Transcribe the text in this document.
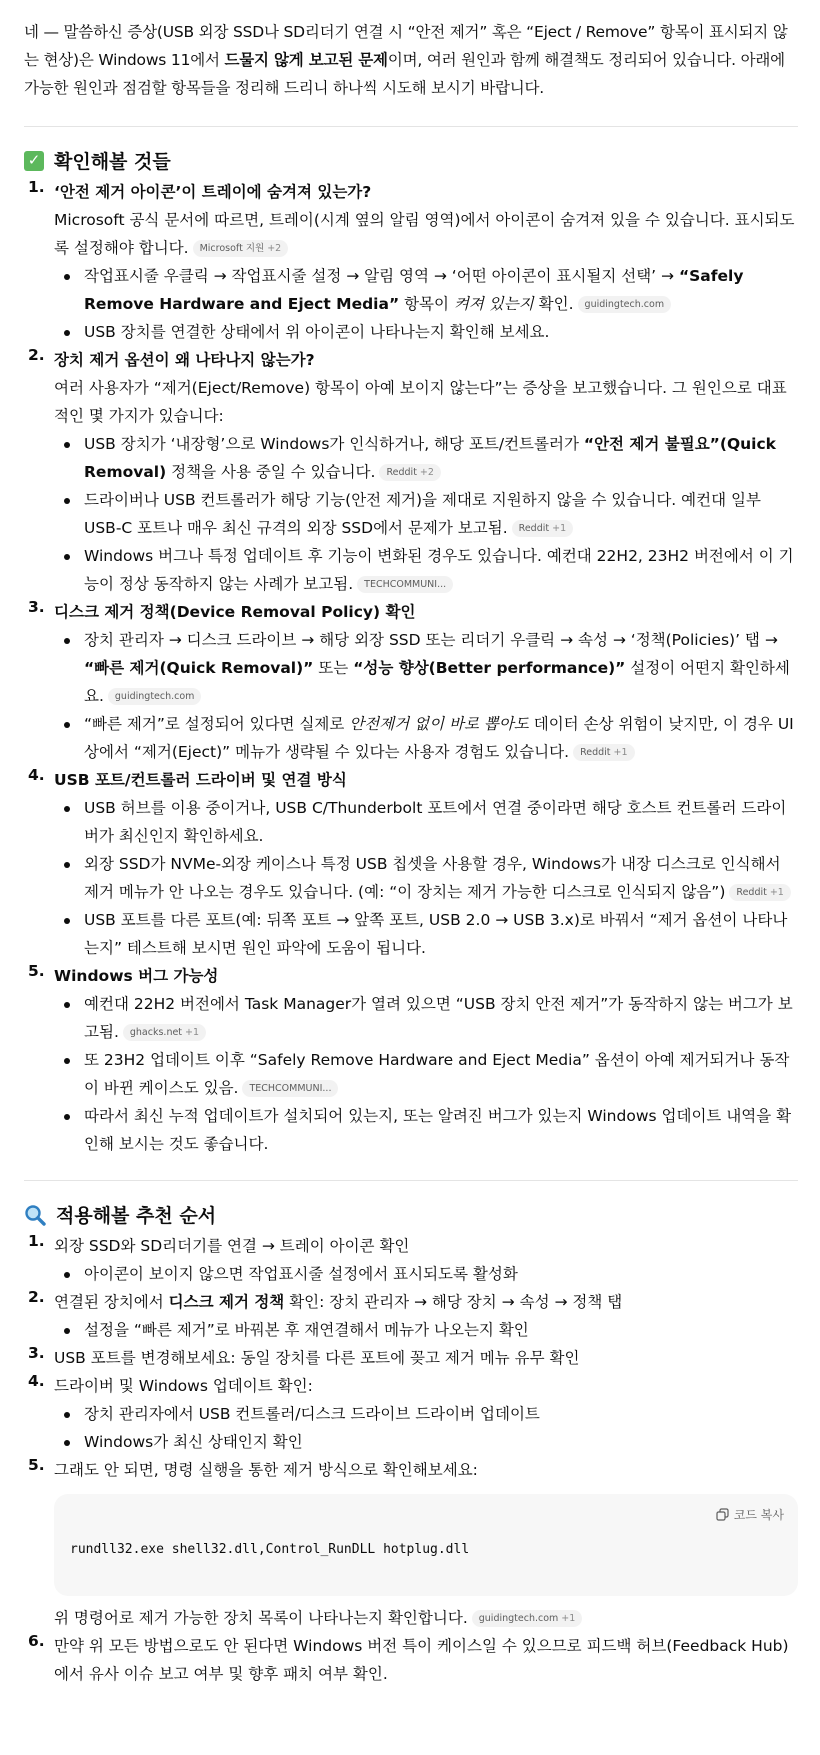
네 — 말씀하신 증상(USB 외장 SSD나 SD리더기 연결 시 “안전 제거” 혹은 “Eject / Remove” 항목이 표시되지 않는 현상)은 Windows 11에서 드물지 않게 보고된 문제이며, 여러 원인과 함께 해결책도 정리되어 있습니다. 아래에 가능한 원인과 점검할 항목들을 정리해 드리니 하나씩 시도해 보시기 바랍니다.

✓ 확인해볼 것들
1. ‘안전 제거 아이콘’이 트레이에 숨겨져 있는가?

Microsoft 공식 문서에 따르면, 트레이(시계 옆의 알림 영역)에서 아이콘이 숨겨져 있을 수 있습니다. 표시되도록 설정해야 합니다. Microsoft 지원 +2

작업표시줄 우클릭 → 작업표시줄 설정 → 알림 영역 → ‘어떤 아이콘이 표시될지 선택’ → “Safely Remove Hardware and Eject Media” 항목이 켜져 있는지 확인. guidingtech.com
USB 장치를 연결한 상태에서 위 아이콘이 나타나는지 확인해 보세요.
2. 장치 제거 옵션이 왜 나타나지 않는가?

여러 사용자가 “제거(Eject/Remove) 항목이 아예 보이지 않는다”는 증상을 보고했습니다. 그 원인으로 대표적인 몇 가지가 있습니다:

USB 장치가 ‘내장형’으로 Windows가 인식하거나, 해당 포트/컨트롤러가 “안전 제거 불필요”(Quick Removal) 정책을 사용 중일 수 있습니다. Reddit +2
드라이버나 USB 컨트롤러가 해당 기능(안전 제거)을 제대로 지원하지 않을 수 있습니다. 예컨대 일부 USB-C 포트나 매우 최신 규격의 외장 SSD에서 문제가 보고됨. Reddit +1
Windows 버그나 특정 업데이트 후 기능이 변화된 경우도 있습니다. 예컨대 22H2, 23H2 버전에서 이 기능이 정상 동작하지 않는 사례가 보고됨. TECHCOMMUNI...
3. 디스크 제거 정책(Device Removal Policy) 확인
장치 관리자 → 디스크 드라이브 → 해당 외장 SSD 또는 리더기 우클릭 → 속성 → ‘정책(Policies)’ 탭 → “빠른 제거(Quick Removal)” 또는 “성능 향상(Better performance)” 설정이 어떤지 확인하세요. guidingtech.com
“빠른 제거”로 설정되어 있다면 실제로 안전제거 없이 바로 뽑아도 데이터 손상 위험이 낮지만, 이 경우 UI 상에서 “제거(Eject)” 메뉴가 생략될 수 있다는 사용자 경험도 있습니다. Reddit +1
4. USB 포트/컨트롤러 드라이버 및 연결 방식
USB 허브를 이용 중이거나, USB C/Thunderbolt 포트에서 연결 중이라면 해당 호스트 컨트롤러 드라이버가 최신인지 확인하세요.
외장 SSD가 NVMe-외장 케이스나 특정 USB 칩셋을 사용할 경우, Windows가 내장 디스크로 인식해서 제거 메뉴가 안 나오는 경우도 있습니다. (예: “이 장치는 제거 가능한 디스크로 인식되지 않음”) Reddit +1
USB 포트를 다른 포트(예: 뒤쪽 포트 → 앞쪽 포트, USB 2.0 → USB 3.x)로 바꿔서 “제거 옵션이 나타나는지” 테스트해 보시면 원인 파악에 도움이 됩니다.
5. Windows 버그 가능성
예컨대 22H2 버전에서 Task Manager가 열려 있으면 “USB 장치 안전 제거”가 동작하지 않는 버그가 보고됨. ghacks.net +1
또 23H2 업데이트 이후 “Safely Remove Hardware and Eject Media” 옵션이 아예 제거되거나 동작이 바뀐 케이스도 있음. TECHCOMMUNI...
따라서 최신 누적 업데이트가 설치되어 있는지, 또는 알려진 버그가 있는지 Windows 업데이트 내역을 확인해 보시는 것도 좋습니다.
적용해볼 추천 순서
1. 외장 SSD와 SD리더기를 연결 → 트레이 아이콘 확인

아이콘이 보이지 않으면 작업표시줄 설정에서 표시되도록 활성화
2. 연결된 장치에서 디스크 제거 정책 확인: 장치 관리자 → 해당 장치 → 속성 → 정책 탭

설정을 “빠른 제거”로 바꿔본 후 재연결해서 메뉴가 나오는지 확인
3. USB 포트를 변경해보세요: 동일 장치를 다른 포트에 꽂고 제거 메뉴 유무 확인

4. 드라이버 및 Windows 업데이트 확인:

장치 관리자에서 USB 컨트롤러/디스크 드라이브 드라이버 업데이트
Windows가 최신 상태인지 확인
5. 그래도 안 되면, 명령 실행을 통한 제거 방식으로 확인해보세요:

코드 복사
rundll32.exe shell32.dll,Control_RunDLL hotplug.dll

위 명령어로 제거 가능한 장치 목록이 나타나는지 확인합니다. guidingtech.com +1

6. 만약 위 모든 방법으로도 안 된다면 Windows 버전 특이 케이스일 수 있으므로 피드백 허브(Feedback Hub)에서 유사 이슈 보고 여부 및 향후 패치 여부 확인.
